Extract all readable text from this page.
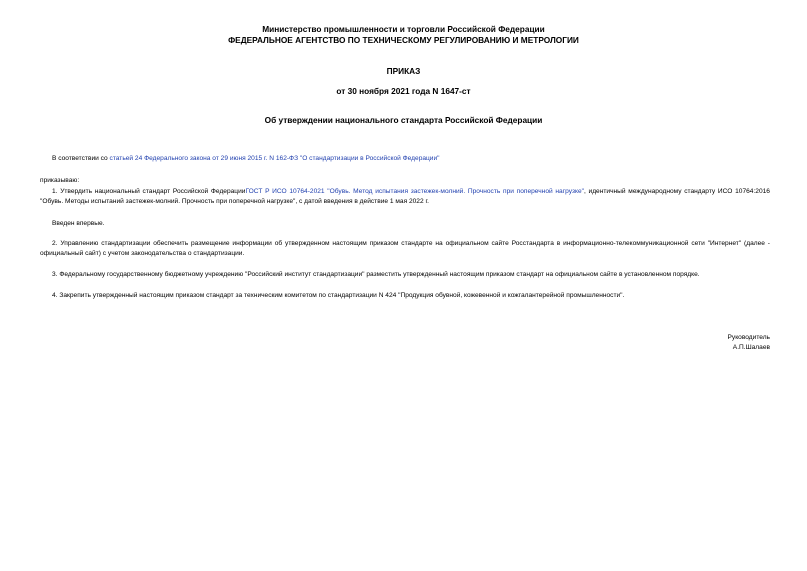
Министерство промышленности и торговли Российской Федерации
ФЕДЕРАЛЬНОЕ АГЕНТСТВО ПО ТЕХНИЧЕСКОМУ РЕГУЛИРОВАНИЮ И МЕТРОЛОГИИ
ПРИКАЗ
от 30 ноября 2021 года N 1647-ст
Об утверждении национального стандарта Российской Федерации
В соответствии со статьей 24 Федерального закона от 29 июня 2015 г. N 162-ФЗ "О стандартизации в Российской Федерации"
приказываю:
1. Утвердить национальный стандарт Российской ФедерацииГОСТ Р ИСО 10764-2021 "Обувь. Метод испытания застежек-молний. Прочность при поперечной нагрузке", идентичный международному стандарту ИСО 10764:2016 "Обувь. Методы испытаний застежек-молний. Прочность при поперечной нагрузке", с датой введения в действие 1 мая 2022 г.
Введен впервые.
2. Управлению стандартизации обеспечить размещение информации об утвержденном настоящим приказом стандарте на официальном сайте Росстандарта в информационно-телекоммуникационной сети "Интернет" (далее - официальный сайт) с учетом законодательства о стандартизации.
3. Федеральному государственному бюджетному учреждению "Российский институт стандартизации" разместить утвержденный настоящим приказом стандарт на официальном сайте в установленном порядке.
4. Закрепить утвержденный настоящим приказом стандарт за техническим комитетом по стандартизации N 424 "Продукция обувной, кожевенной и кожгалантерейной промышленности".
Руководитель
А.П.Шалаев
